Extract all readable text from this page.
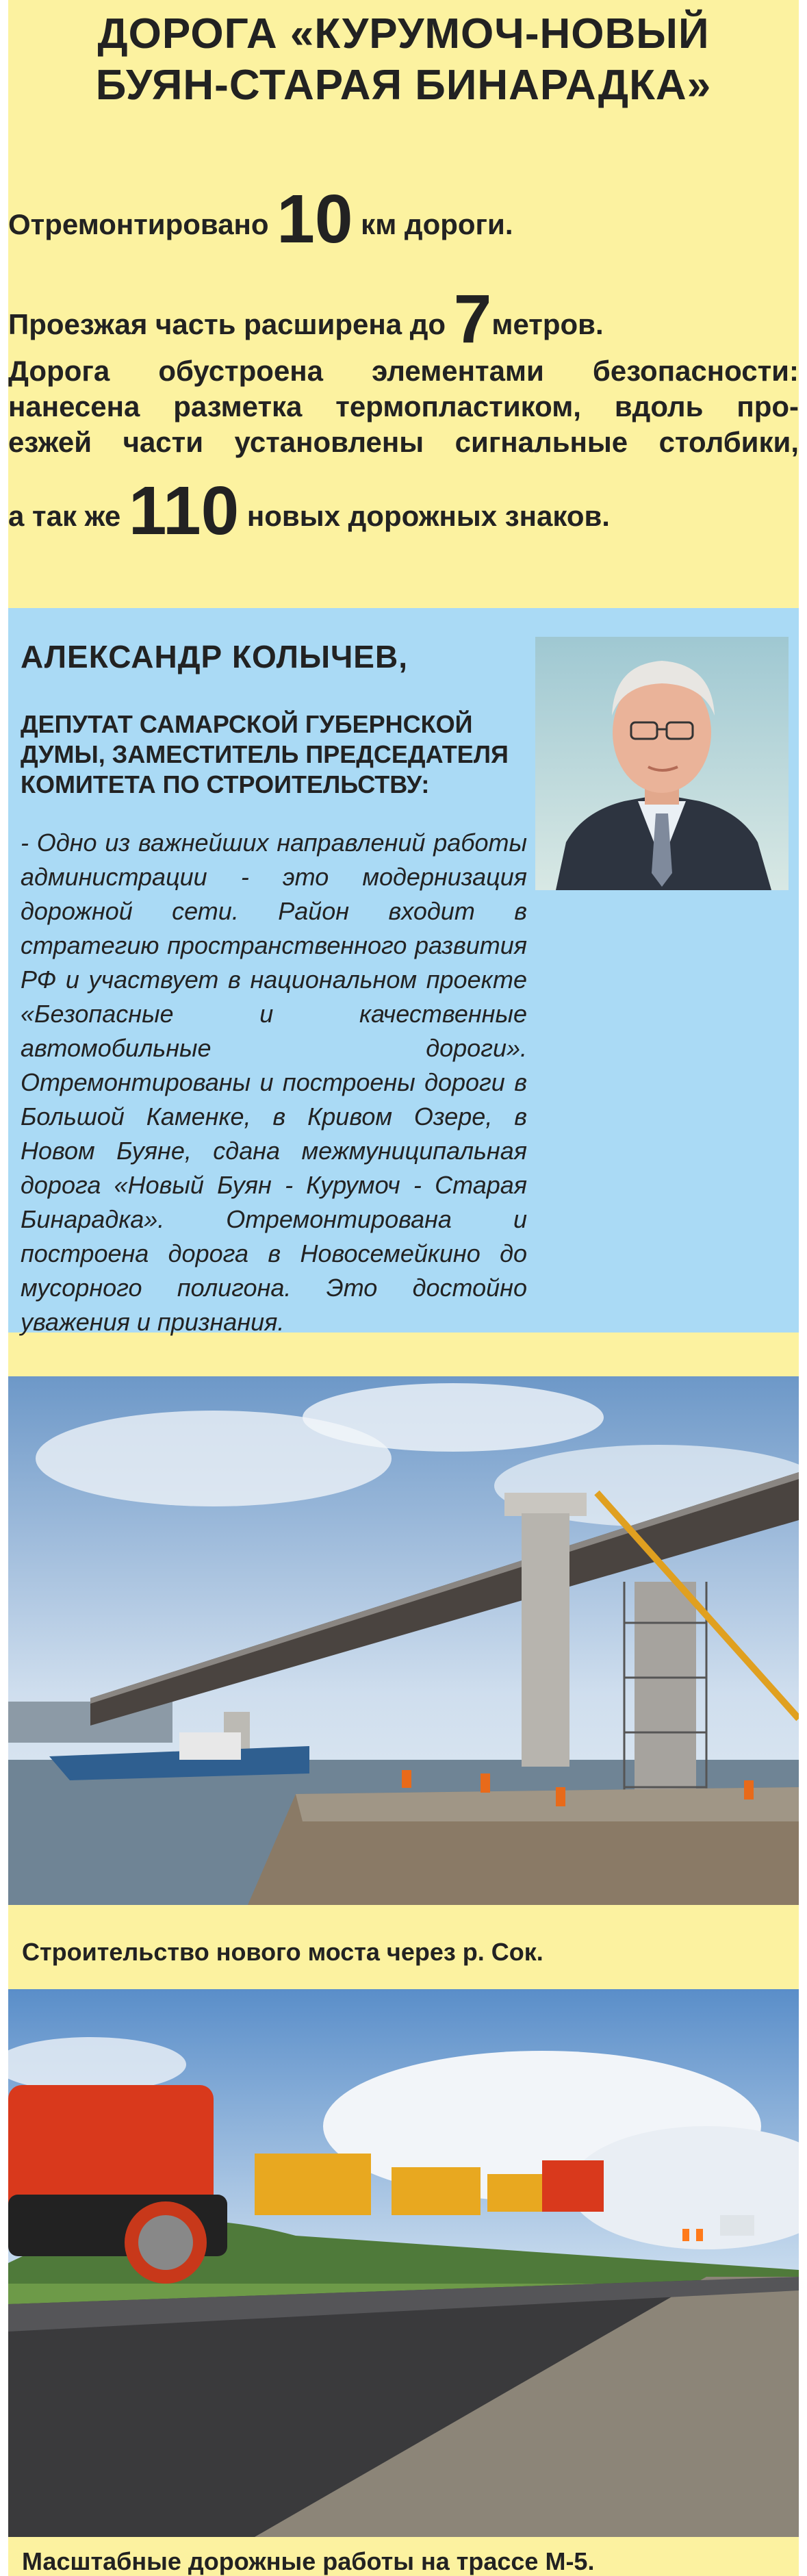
ДОРОГА «КУРУМОЧ-НОВЫЙ
БУЯН-СТАРАЯ БИНАРАДКА»
Отремонтировано 10 км дороги.
Проезжая часть расширена до 7метров.
Дорога обустроена элементами безопасности:
нанесена разметка термопластиком, вдоль про-
езжей части установлены сигнальные столбики,
а так же 110 новых дорожных знаков.
АЛЕКСАНДР КОЛЫЧЕВ,
ДЕПУТАТ САМАРСКОЙ ГУБЕРНСКОЙ
ДУМЫ, ЗАМЕСТИТЕЛЬ ПРЕДСЕДАТЕЛЯ
КОМИТЕТА ПО СТРОИТЕЛЬСТВУ:

- Одно из важнейших направлений работы администрации - это модернизация дорожной сети. Район входит в стратегию пространственного развития РФ и участвует в национальном проекте «Безопасные и качественные автомобильные дороги». Отремонтированы и построены дороги в Большой Каменке, в Кривом Озере, в Новом Буяне, сдана межмуниципальная дорога «Новый Буян - Курумоч - Старая Бинарадка». Отремонтирована и построена дорога в Новосемейкино до мусорного полигона. Это достойно уважения и признания.

Строительство нового моста через р. Сок.
Масштабные дорожные работы на трассе М-5.
